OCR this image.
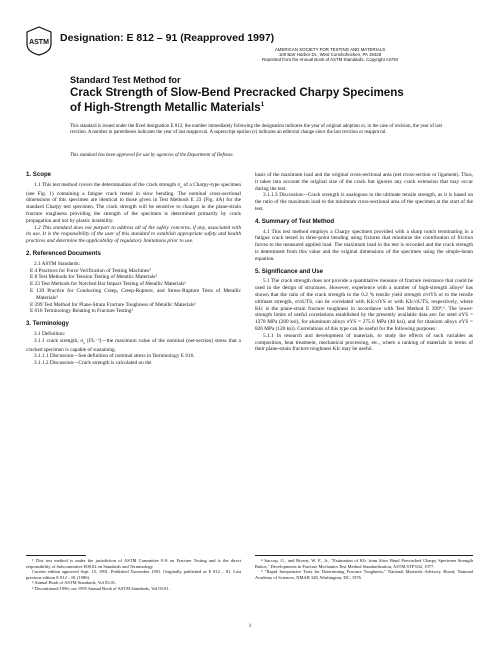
ASTM Designation: E 812 – 91 (Reapproved 1997)
AMERICAN SOCIETY FOR TESTING AND MATERIALS
100 Barr Harbor Dr., West Conshohocken, PA 19428
Reprinted from the Annual Book of ASTM Standards. Copyright ASTM
Standard Test Method for
Crack Strength of Slow-Bend Precracked Charpy Specimens
of High-Strength Metallic Materials$^1$
This standard is issued under the fixed designation E 812; the number immediately following the designation indicates the year of original adoption or, in the case of revision, the year of last revision. A number in parentheses indicates the year of last reapproval. A superscript epsilon (ε) indicates an editorial change since the last revision or reapproval.
This standard has been approved for use by agencies of the Department of Defense.

1. Scope

1.1 This test method covers the determination of the crack strength $\sigma_c$ of a Charpy-type specimen (see Fig. 1) containing a fatigue crack tested in slow bending. The nominal cross-sectional dimensions of this specimen are identical to those given in Test Methods E 23 (Fig. 4A) for the standard Charpy test specimen. The crack strength will be sensitive to changes in the plane-strain fracture toughness providing the strength of the specimen is determined primarily by crack propagation and not by plastic instability.

1.2 This standard does not purport to address all of the safety concerns, if any, associated with its use. It is the responsibility of the user of this standard to establish appropriate safety and health practices and determine the applicability of regulatory limitations prior to use.

2. Referenced Documents

2.1 ASTM Standards:

E 4 Practices for Force Verification of Testing Machines²

E 8 Test Methods for Tension Testing of Metallic Materials²

E 23 Test Methods for Notched Bar Impact Testing of Metallic Materials²

E 139 Practice for Conducting Creep, Creep-Rupture, and Stress-Rupture Tests of Metallic Materials²

E 399 Test Method for Plane-Strain Fracture Toughness of Metallic Materials²

E 616 Terminology Relating to Fracture Testing³

3. Terminology

3.1 Definition:

3.1.1 crack strength, $\sigma_c$ [FL⁻²]—the maximum value of the nominal (net-section) stress that a cracked specimen is capable of sustaining.

3.1.1.1 Discussion—See definition of nominal stress in Terminology E 616.

3.1.1.2 Discussion—Crack strength is calculated on the

basis of the maximum load and the original cross-sectional area (net cross-section or ligament). Thus, it takes into account the original size of the crack but ignores any crack extension that may occur during the test.

3.1.1.3 Discussion—Crack strength is analogous to the ultimate tensile strength, as it is based on the ratio of the maximum load to the minimum cross-sectional area of the specimen at the start of the test.

4. Summary of Test Method

4.1 This test method employs a Charpy specimen provided with a sharp notch terminating in a fatigue crack tested in three-point bending using fixtures that minimize the contribution of friction forces to the measured applied load. The maximum load in the test is recorded and the crack strength is determined from this value and the original dimensions of the specimen using the simple-beam equation.

5. Significance and Use

5.1 The crack strength does not provide a quantitative measure of fracture resistance that could be used in the design of structures. However, experience with a number of high-strength alloys² has shown that the ratio of the crack strength to the 0.2 % tensile yield strength σ/σYS or to the tensile ultimate strength, σ/σUTS, can be correlated with KIc/σYS or with KIc/σUTS, respectively, where KIc is the plane-strain fracture toughness in accordance with Test Method E 399⁴,⁵. The lower-strength limits of useful correlations established by the presently available data are: for steel σYS = 1378 MPa (200 ksi), for aluminum alloys σYS = 275.6 MPa (40 ksi), and for titanium alloys σYS = 826 MPa (120 ksi). Correlations of this type can be useful for the following purposes:

5.1.1 In research and development of materials, to study the effects of such variables as composition, heat treatment, mechanical processing, etc., where a ranking of materials in terms of their plane-strain fracture toughness KIc may be useful.

¹ This test method is under the jurisdiction of ASTM Committee E-8 on Fracture Testing and is the direct responsibility of Subcommittee E08.02 on Standards and Terminology.

Current edition approved Sept. 15, 1991. Published November 1991. Originally published as E 812 – 81. Last previous edition E 812 – 81 (1986).

² Annual Book of ASTM Standards, Vol 03.01.

³ Discontinued 1996; see 1995 Annual Book of ASTM Standards, Vol 03.01.

⁴ Succop, G., and Brown, W. F., Jr., "Estimation of KIc from Slow Bend Precracked Charpy Specimen Strength Ratios," Developments in Fracture Mechanics Test Method Standardization, ASTM STP 632, 1977.

⁵ "Rapid Inexpensive Tests for Determining Fracture Toughness," National Materials Advisory Board, National Academy of Sciences, NMAB 328, Washington, DC, 1976.

1
